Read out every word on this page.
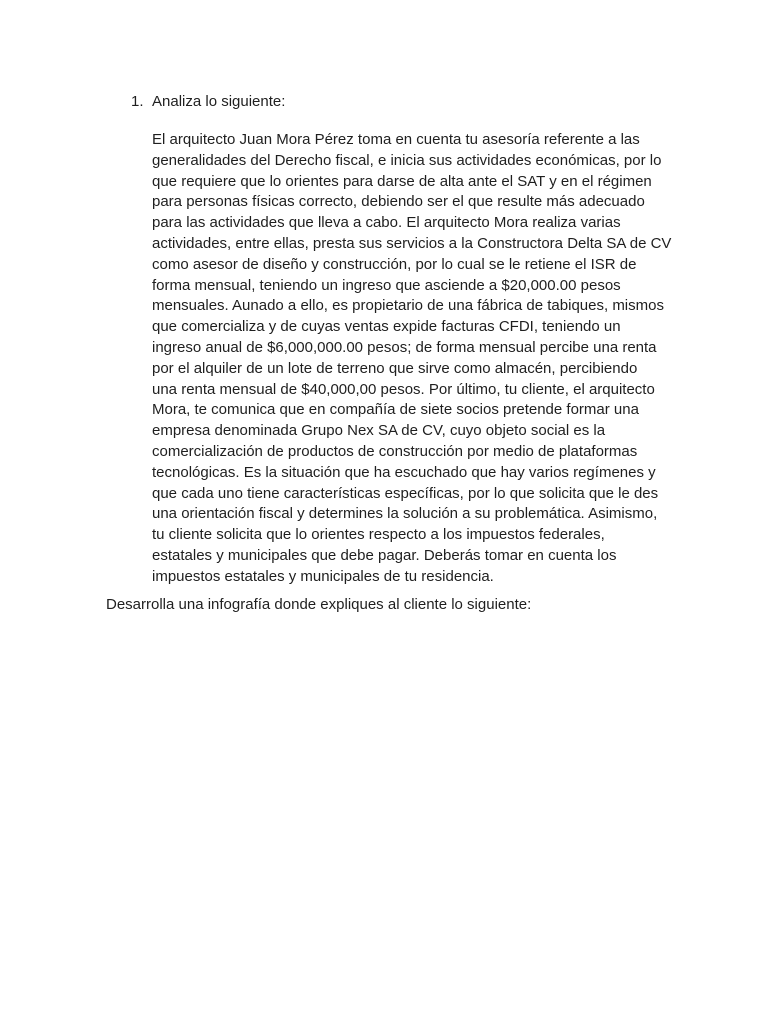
1. Analiza lo siguiente:

El arquitecto Juan Mora Pérez toma en cuenta tu asesoría referente a las
generalidades del Derecho fiscal, e inicia sus actividades económicas, por lo
que requiere que lo orientes para darse de alta ante el SAT y en el régimen
para personas físicas correcto, debiendo ser el que resulte más adecuado
para las actividades que lleva a cabo. El arquitecto Mora realiza varias
actividades, entre ellas, presta sus servicios a la Constructora Delta SA de CV
como asesor de diseño y construcción, por lo cual se le retiene el ISR de
forma mensual, teniendo un ingreso que asciende a $20,000.00 pesos
mensuales. Aunado a ello, es propietario de una fábrica de tabiques, mismos
que comercializa y de cuyas ventas expide facturas CFDI, teniendo un
ingreso anual de $6,000,000.00 pesos; de forma mensual percibe una renta
por el alquiler de un lote de terreno que sirve como almacén, percibiendo
una renta mensual de $40,000,00 pesos. Por último, tu cliente, el arquitecto
Mora, te comunica que en compañía de siete socios pretende formar una
empresa denominada Grupo Nex SA de CV, cuyo objeto social es la
comercialización de productos de construcción por medio de plataformas
tecnológicas. Es la situación que ha escuchado que hay varios regímenes y
que cada uno tiene características específicas, por lo que solicita que le des
una orientación fiscal y determines la solución a su problemática. Asimismo,
tu cliente solicita que lo orientes respecto a los impuestos federales,
estatales y municipales que debe pagar. Deberás tomar en cuenta los
impuestos estatales y municipales de tu residencia.

Desarrolla una infografía donde expliques al cliente lo siguiente:
